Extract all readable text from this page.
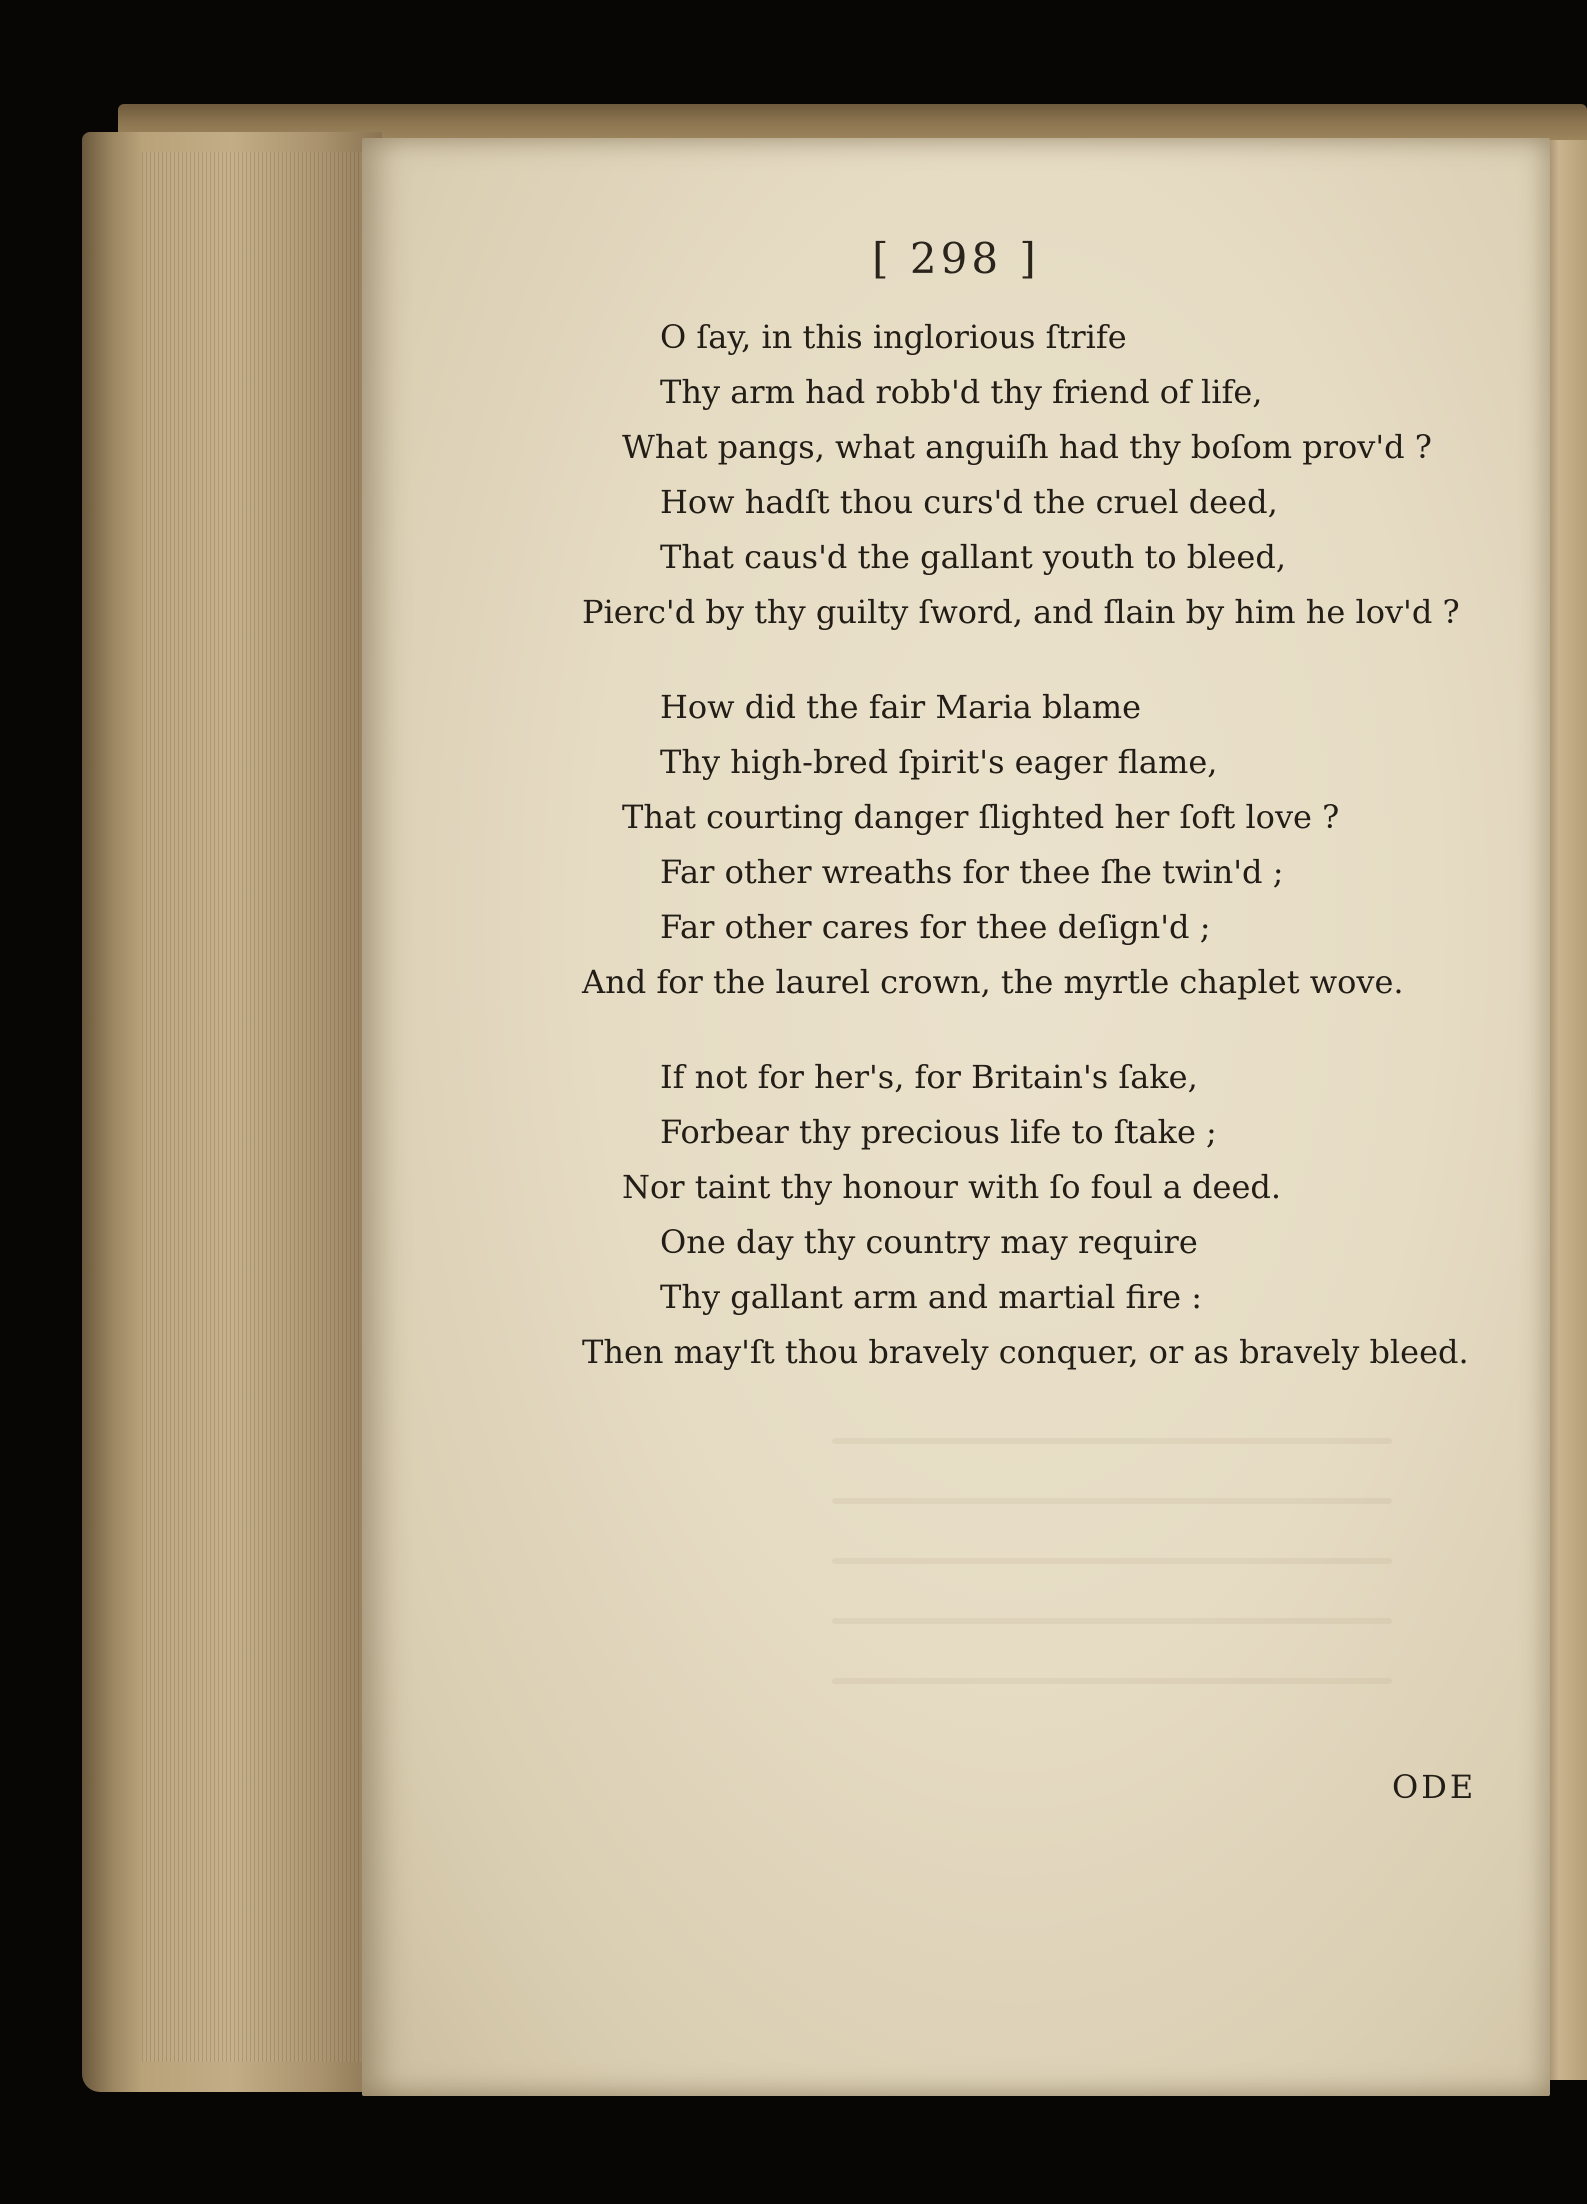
[ 298 ]
O ſay, in this inglorious ſtrife
Thy arm had robb'd thy friend of life,
What pangs, what anguiſh had thy boſom prov'd ?
How hadſt thou curs'd the cruel deed,
That caus'd the gallant youth to bleed,
Pierc'd by thy guilty ſword, and ſlain by him he lov'd ?
How did the fair Maria blame
Thy high-bred ſpirit's eager flame,
That courting danger ſlighted her ſoft love ?
Far other wreaths for thee ſhe twin'd ;
Far other cares for thee deſign'd ;
And for the laurel crown, the myrtle chaplet wove.
If not for her's, for Britain's ſake,
Forbear thy precious life to ſtake ;
Nor taint thy honour with ſo foul a deed.
One day thy country may require
Thy gallant arm and martial fire :
Then may'ſt thou bravely conquer, or as bravely bleed.
ODE
